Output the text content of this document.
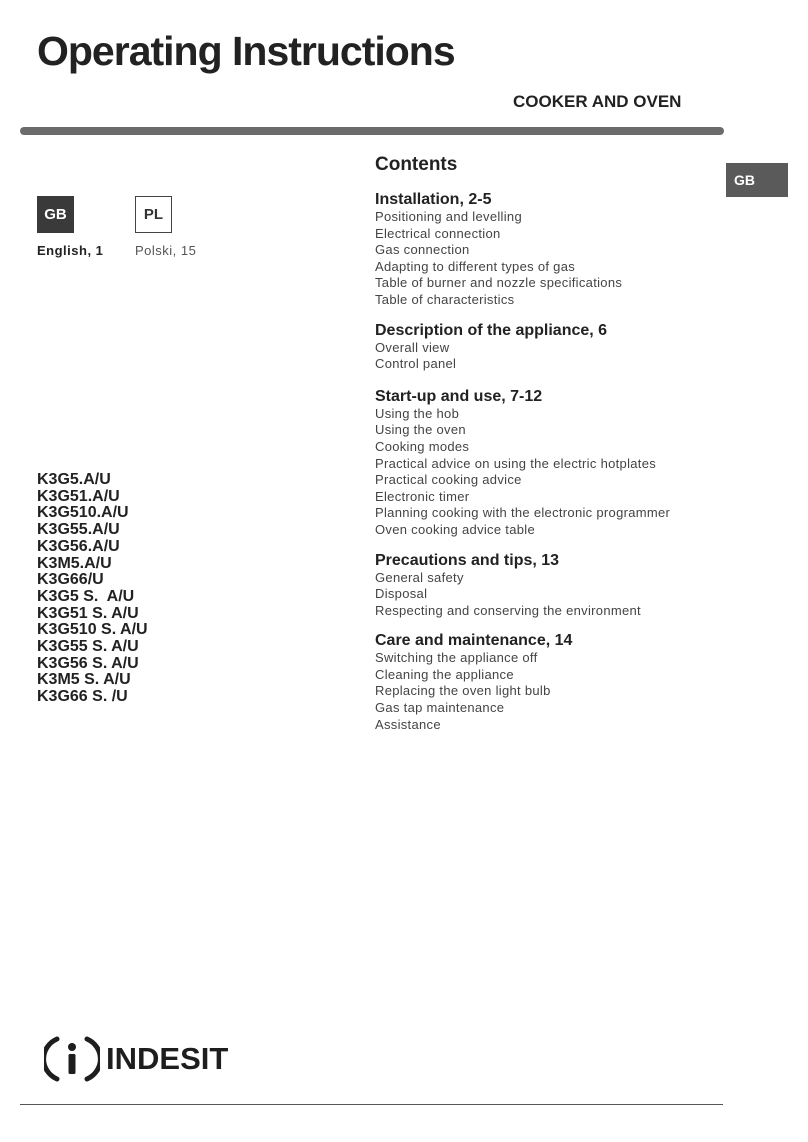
Operating Instructions
COOKER AND OVEN
GB
GB
English, 1
PL
Polski, 15
K3G5.A/U
K3G51.A/U
K3G510.A/U
K3G55.A/U
K3G56.A/U
K3M5.A/U
K3G66/U
K3G5 S.  A/U
K3G51 S. A/U
K3G510 S. A/U
K3G55 S. A/U
K3G56 S. A/U
K3M5 S. A/U
K3G66 S. /U
Contents
Installation, 2-5
Positioning and levelling
Electrical connection
Gas connection
Adapting to different types of gas
Table of burner and nozzle specifications
Table of characteristics
Description of the appliance, 6
Overall view
Control panel
Start-up and use, 7-12
Using the hob
Using the oven
Cooking modes
Practical advice on using the electric hotplates
Practical cooking advice
Electronic timer
Planning cooking with the electronic programmer
Oven cooking advice table
Precautions and tips, 13
General safety
Disposal
Respecting and conserving the environment
Care and maintenance, 14
Switching the appliance off
Cleaning the appliance
Replacing the oven light bulb
Gas tap maintenance
Assistance
INDESIT
